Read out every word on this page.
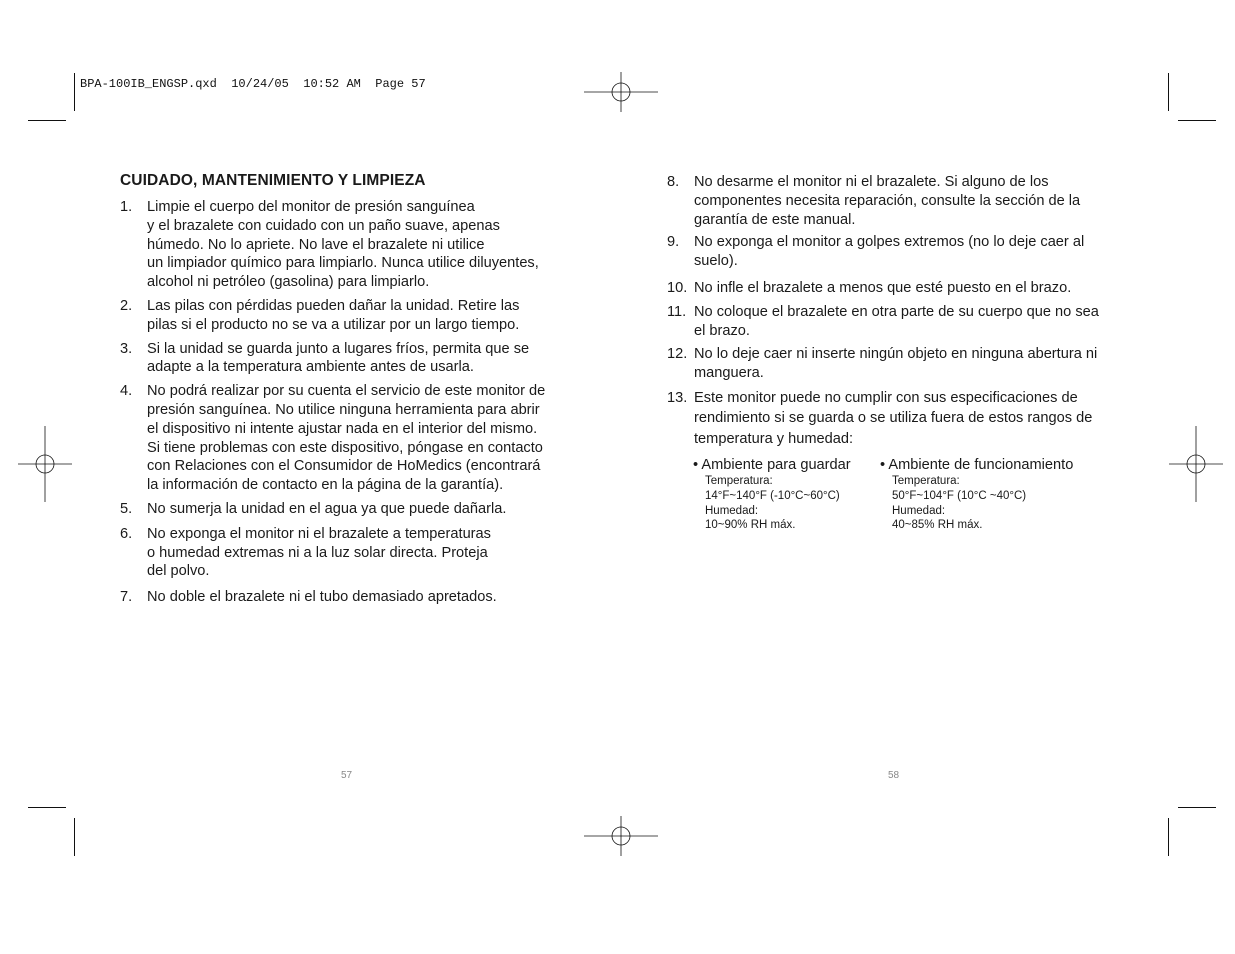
BPA-100IB_ENGSP.qxd  10/24/05  10:52 AM  Page 57
CUIDADO, MANTENIMIENTO Y LIMPIEZA
1. Limpie el cuerpo del monitor de presión sanguínea
y el brazalete con cuidado con un paño suave, apenas
húmedo. No lo apriete. No lave el brazalete ni utilice
un limpiador químico para limpiarlo. Nunca utilice diluyentes,
alcohol ni petróleo (gasolina) para limpiarlo.
2. Las pilas con pérdidas pueden dañar la unidad. Retire las
pilas si el producto no se va a utilizar por un largo tiempo.
3. Si la unidad se guarda junto a lugares fríos, permita que se
adapte a la temperatura ambiente antes de usarla.
4. No podrá realizar por su cuenta el servicio de este monitor de
presión sanguínea. No utilice ninguna herramienta para abrir
el dispositivo ni intente ajustar nada en el interior del mismo.
Si tiene problemas con este dispositivo, póngase en contacto
con Relaciones con el Consumidor de HoMedics (encontrará
la información de contacto en la página de la garantía).
5. No sumerja la unidad en el agua ya que puede dañarla.
6. No exponga el monitor ni el brazalete a temperaturas
o humedad extremas ni a la luz solar directa. Proteja
del polvo.
7. No doble el brazalete ni el tubo demasiado apretados.
57
8. No desarme el monitor ni el brazalete. Si alguno de los
componentes necesita reparación, consulte la sección de la
garantía de este manual.
9. No exponga el monitor a golpes extremos (no lo deje caer al
suelo).
10. No infle el brazalete a menos que esté puesto en el brazo.
11. No coloque el brazalete en otra parte de su cuerpo que no sea
el brazo.
12. No lo deje caer ni inserte ningún objeto en ninguna abertura ni
manguera.
13. Este monitor puede no cumplir con sus especificaciones de
rendimiento si se guarda o se utiliza fuera de estos rangos de
temperatura y humedad:
• Ambiente para guardar
Temperatura:
14°F~140°F (-10°C~60°C)
Humedad:
10~90% RH máx.
• Ambiente de funcionamiento
Temperatura:
50°F~104°F (10°C ~40°C)
Humedad:
40~85% RH máx.
58
